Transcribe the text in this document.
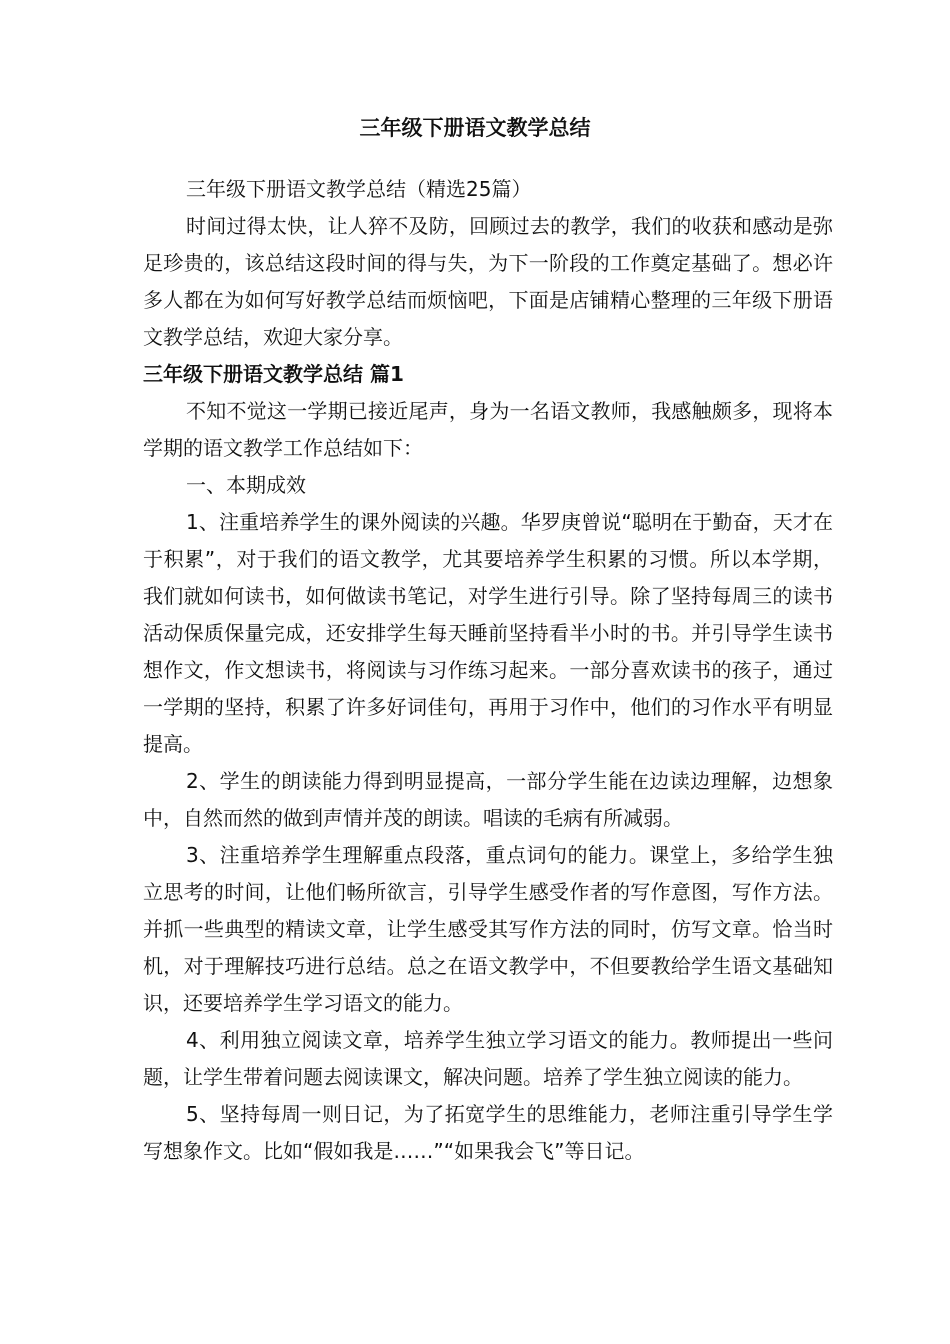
三年级下册语文教学总结

三年级下册语文教学总结（精选25篇）

时间过得太快，让人猝不及防，回顾过去的教学，我们的收获和感动是弥足珍贵的，该总结这段时间的得与失，为下一阶段的工作奠定基础了。想必许多人都在为如何写好教学总结而烦恼吧，下面是店铺精心整理的三年级下册语文教学总结，欢迎大家分享。

三年级下册语文教学总结 篇1

不知不觉这一学期已接近尾声，身为一名语文教师，我感触颇多，现将本学期的语文教学工作总结如下：

一、本期成效

1、注重培养学生的课外阅读的兴趣。华罗庚曾说“聪明在于勤奋，天才在于积累”，对于我们的语文教学，尤其要培养学生积累的习惯。所以本学期，我们就如何读书，如何做读书笔记，对学生进行引导。除了坚持每周三的读书活动保质保量完成，还安排学生每天睡前坚持看半小时的书。并引导学生读书想作文，作文想读书，将阅读与习作练习起来。一部分喜欢读书的孩子，通过一学期的坚持，积累了许多好词佳句，再用于习作中，他们的习作水平有明显提高。

2、学生的朗读能力得到明显提高，一部分学生能在边读边理解，边想象中，自然而然的做到声情并茂的朗读。唱读的毛病有所减弱。

3、注重培养学生理解重点段落，重点词句的能力。课堂上，多给学生独立思考的时间，让他们畅所欲言，引导学生感受作者的写作意图，写作方法。并抓一些典型的精读文章，让学生感受其写作方法的同时，仿写文章。恰当时机，对于理解技巧进行总结。总之在语文教学中，不但要教给学生语文基础知识，还要培养学生学习语文的能力。

4、利用独立阅读文章，培养学生独立学习语文的能力。教师提出一些问题，让学生带着问题去阅读课文，解决问题。培养了学生独立阅读的能力。

5、坚持每周一则日记，为了拓宽学生的思维能力，老师注重引导学生学写想象作文。比如“假如我是……”“如果我会飞”等日记。
